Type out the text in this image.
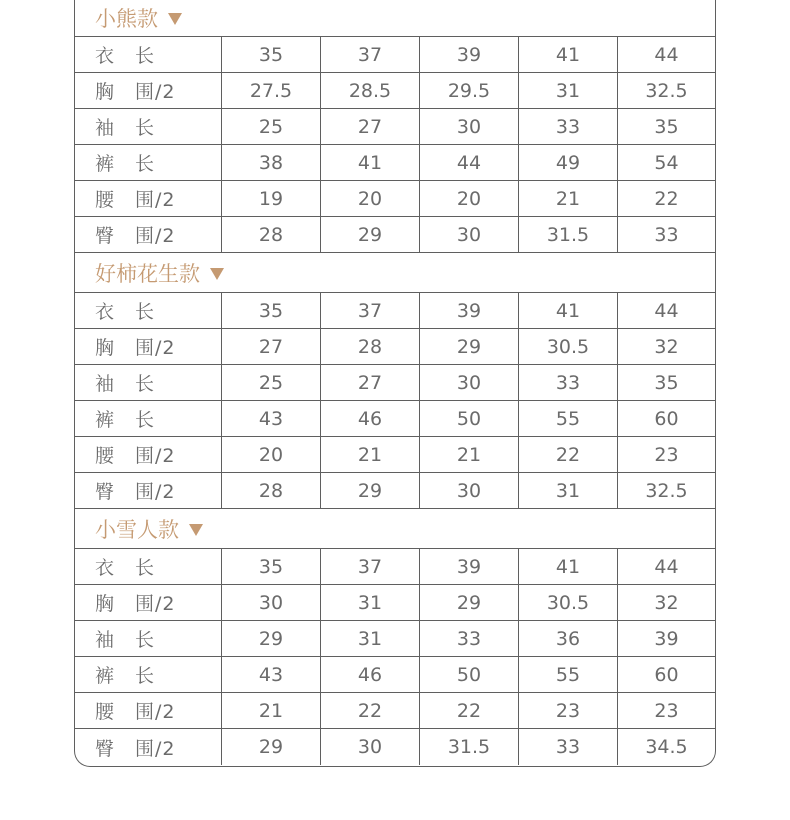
小熊款
衣　长	35	37	39	41	44
胸　围/2	27.5	28.5	29.5	31	32.5
袖　长	25	27	30	33	35
裤　长	38	41	44	49	54
腰　围/2	19	20	20	21	22
臀　围/2	28	29	30	31.5	33
好柿花生款
衣　长	35	37	39	41	44
胸　围/2	27	28	29	30.5	32
袖　长	25	27	30	33	35
裤　长	43	46	50	55	60
腰　围/2	20	21	21	22	23
臀　围/2	28	29	30	31	32.5
小雪人款
衣　长	35	37	39	41	44
胸　围/2	30	31	29	30.5	32
袖　长	29	31	33	36	39
裤　长	43	46	50	55	60
腰　围/2	21	22	22	23	23
臀　围/2	29	30	31.5	33	34.5
